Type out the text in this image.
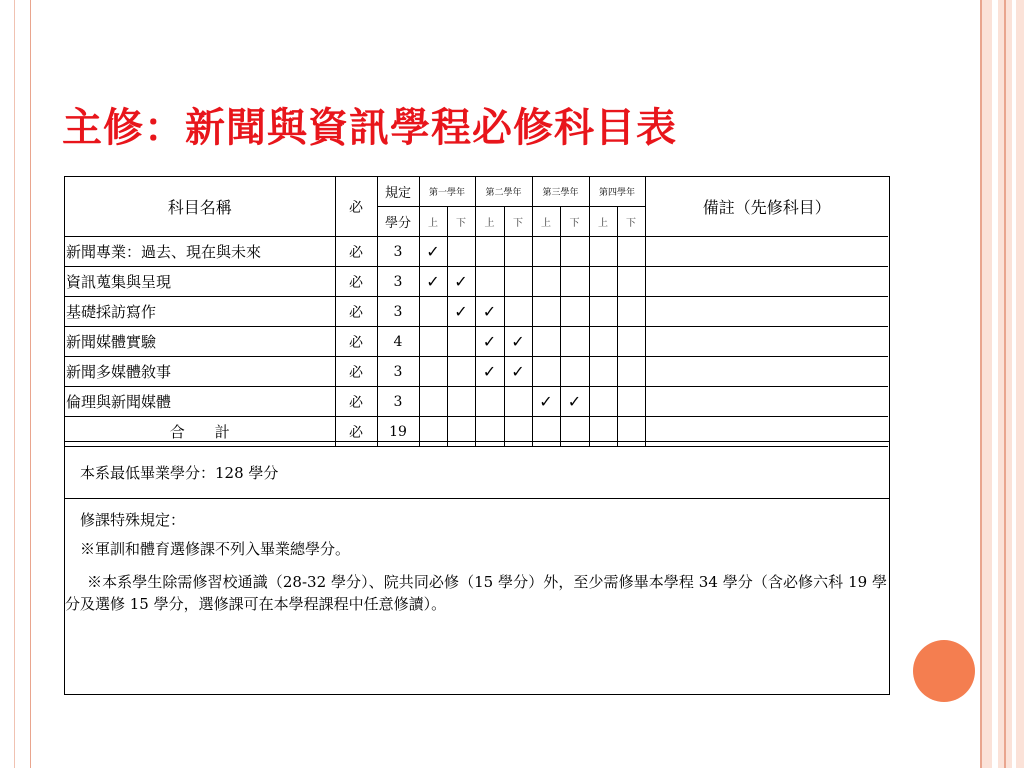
主修：新聞與資訊學程必修科目表
科目名稱	必	規定	第一學年		第二學年		第三學年		第四學年		備註（先修科目）
		學分	上	下	上	下	上	下	上	下	
新聞專業：過去、現在與未來	必	3	✓								
資訊蒐集與呈現	必	3	✓	✓							
基礎採訪寫作	必	3		✓	✓						
新聞媒體實驗	必	4			✓	✓					
新聞多媒體敘事	必	3			✓	✓					
倫理與新聞媒體	必	3					✓	✓			
合計	必	19									
本系最低畢業學分：128 學分

修課特殊規定：

※軍訓和體育選修課不列入畢業總學分。

※本系學生除需修習校通識（28-32 學分）、院共同必修（15 學分）外，至少需修畢本學程 34 學分（含必修六科 19 學分及選修 15 學分，選修課可在本學程課程中任意修讀）。
